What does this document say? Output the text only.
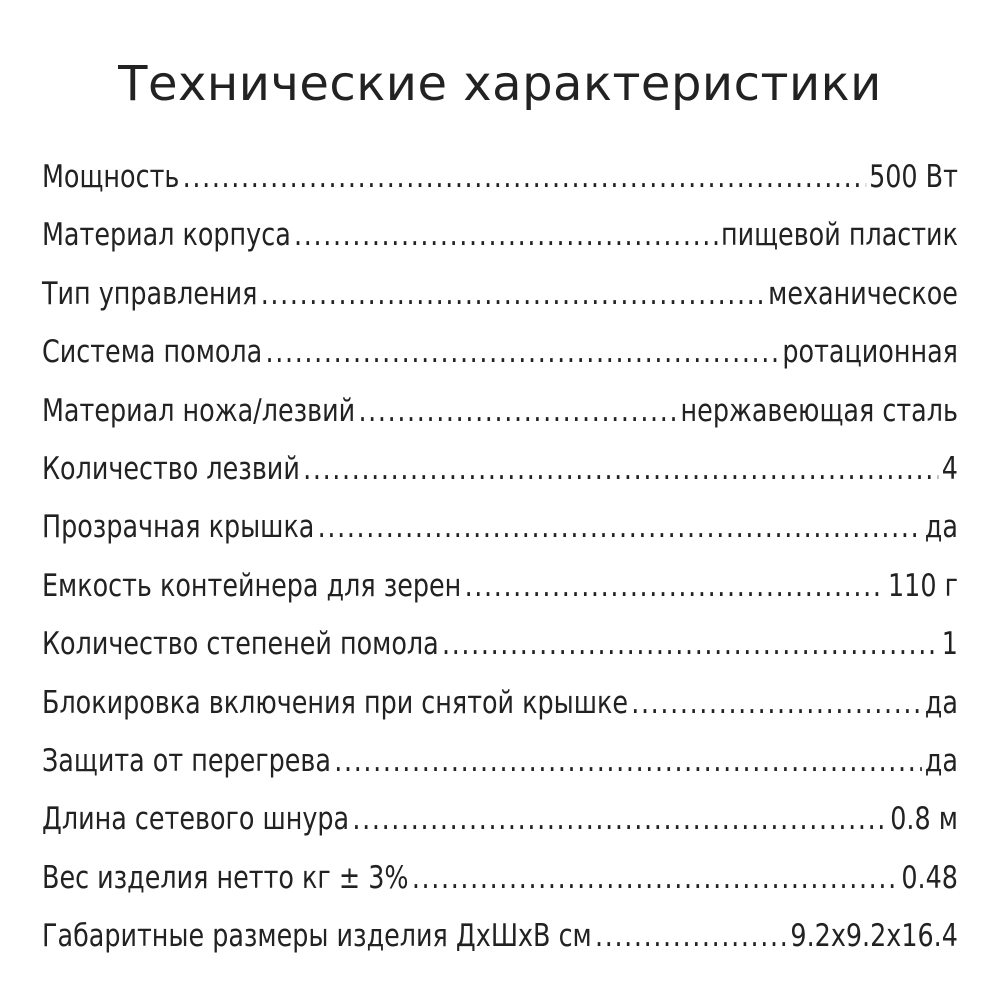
Технические характеристики
Мощность .....	500 Вт
Материал корпуса .....	пищевой пластик
Тип управления .....	механическое
Система помола .....	ротационная
Материал ножа/лезвий .....	нержавеющая сталь
Количество лезвий .....	4
Прозрачная крышка .....	да
Емкость контейнера для зерен .....	110 г
Количество степеней помола .....	1
Блокировка включения при снятой крышке .....	да
Защита от перегрева .....	да
Длина сетевого шнура .....	0.8 м
Вес изделия нетто кг ± 3% .....	0.48
Габаритные размеры изделия ДхШхВ см .....	9.2х9.2х16.4
